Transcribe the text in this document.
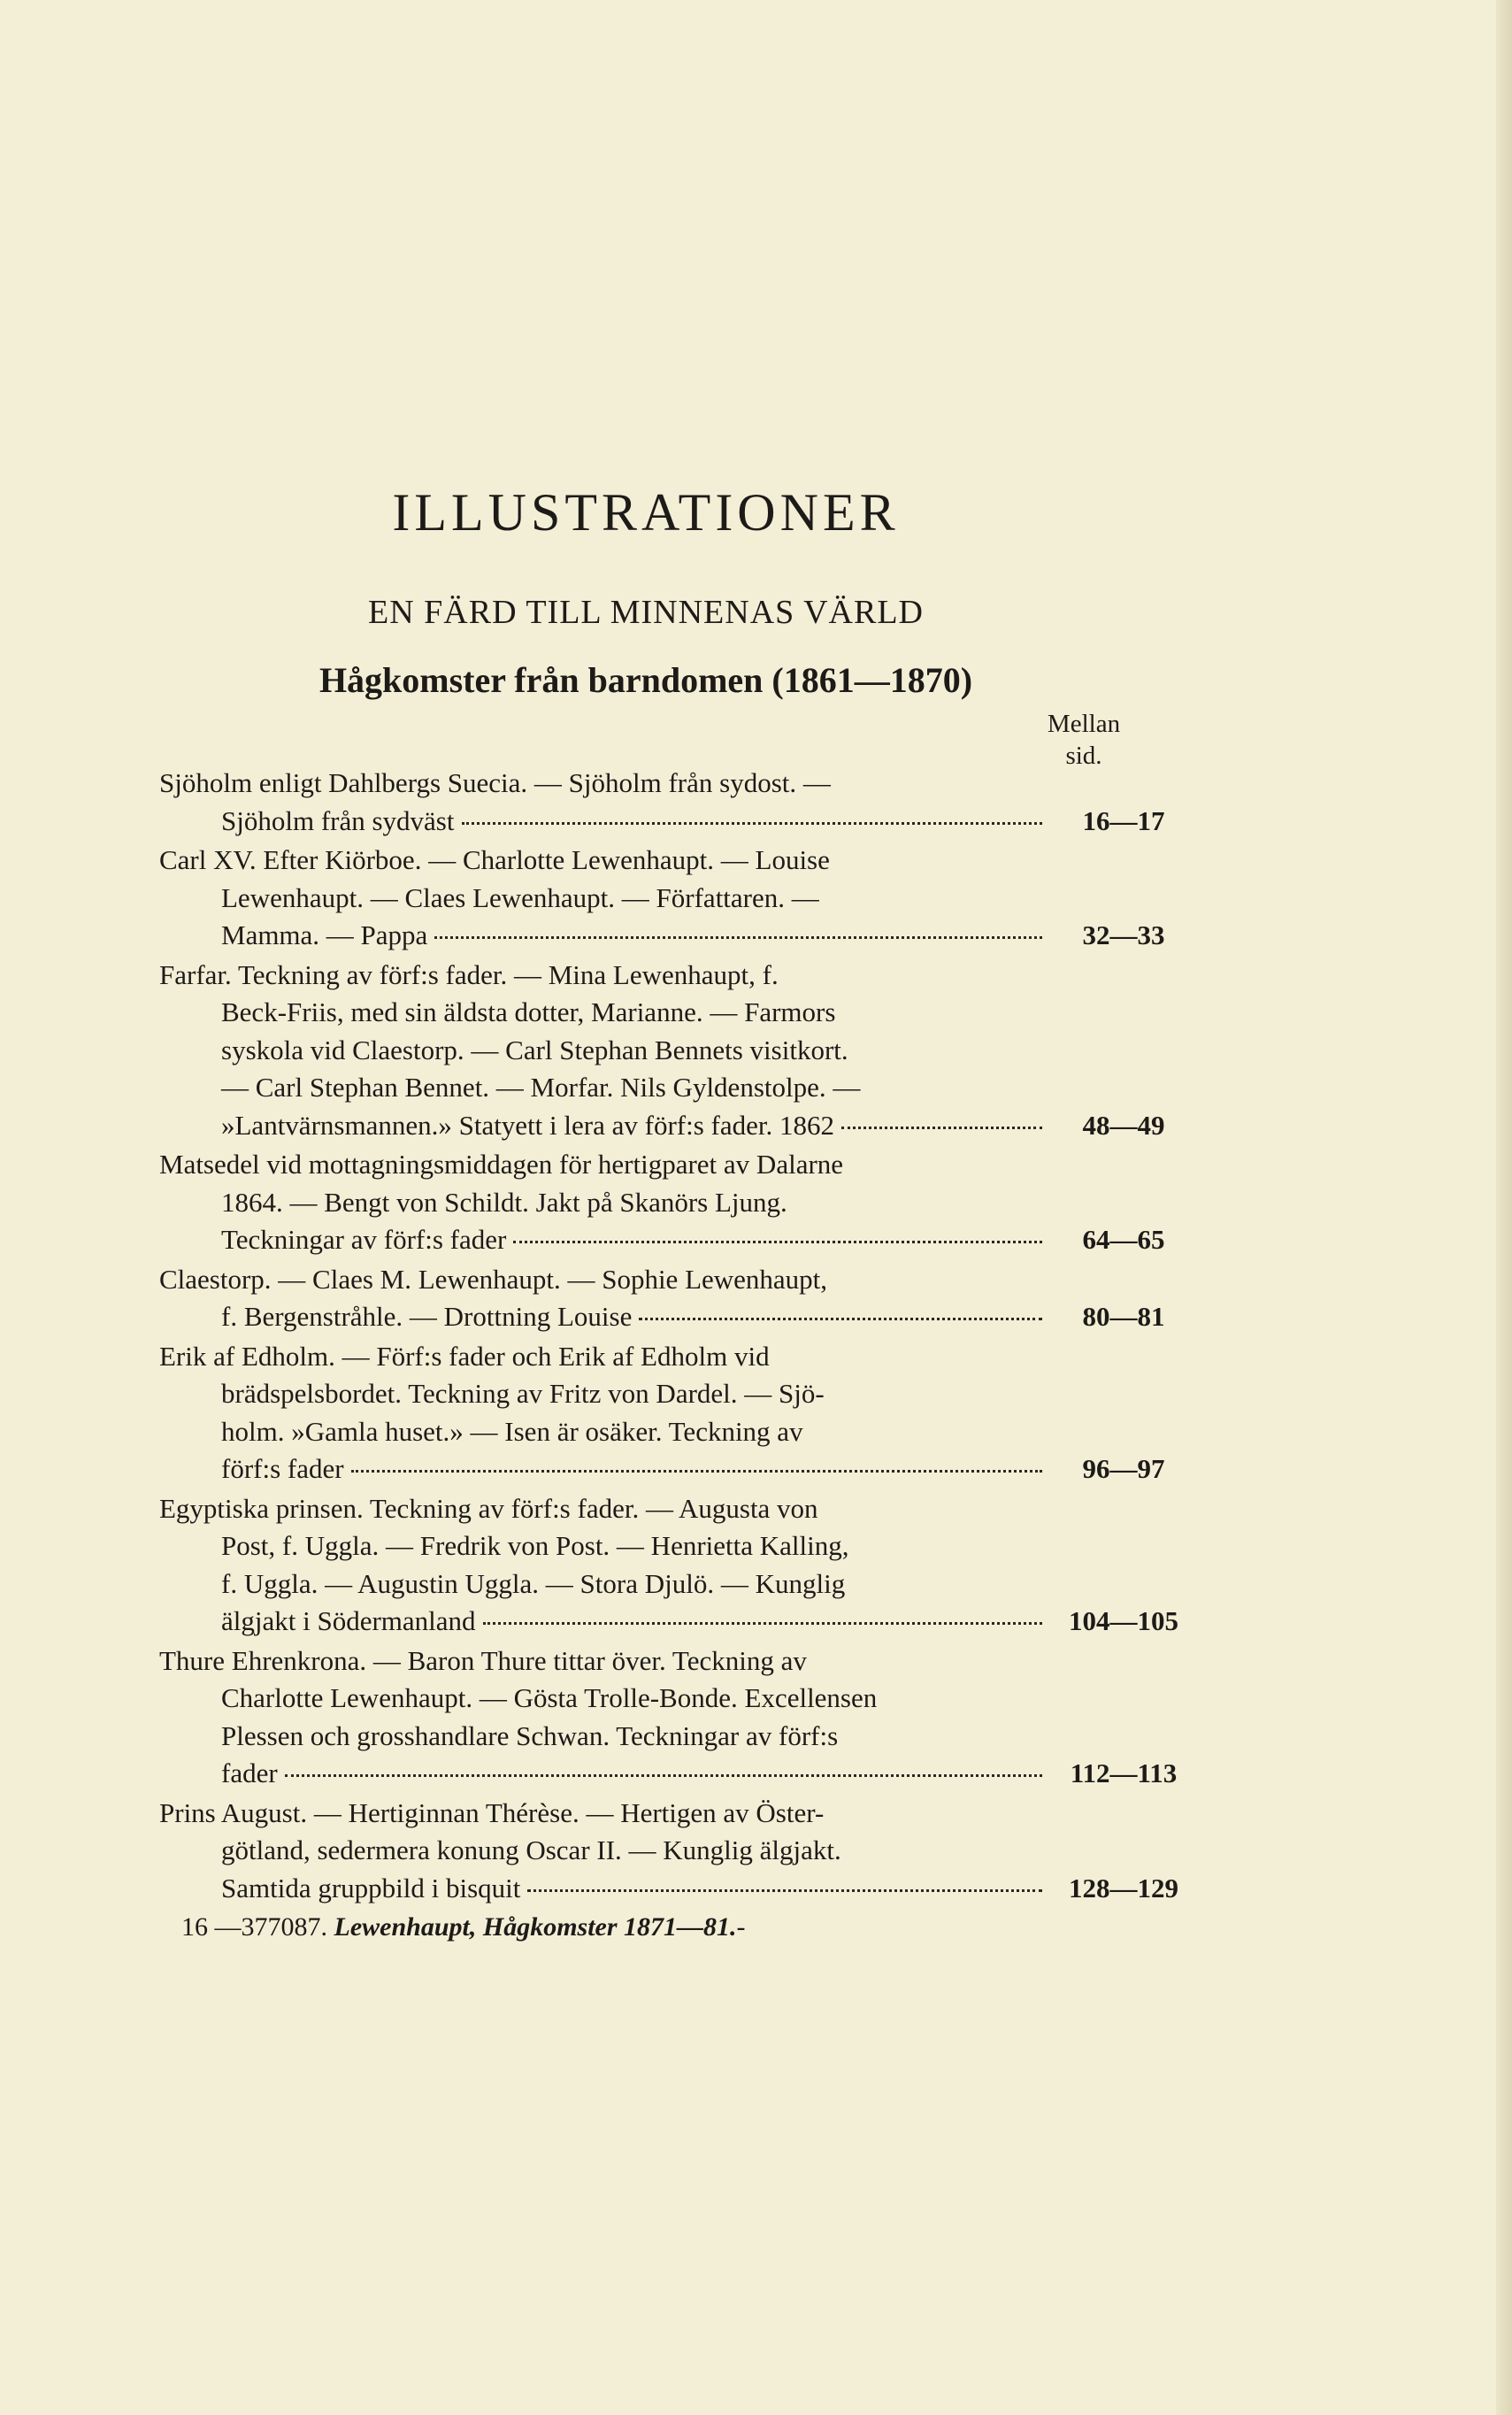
ILLUSTRATIONER
EN FÄRD TILL MINNENAS VÄRLD
Hågkomster från barndomen (1861—1870)
Mellan
sid.
Sjöholm enligt Dahlbergs Suecia. — Sjöholm från sydost. —
Sjöholm från sydväst	16—17
Carl XV. Efter Kiörboe. — Charlotte Lewenhaupt. — Louise
Lewenhaupt. — Claes Lewenhaupt. — Författaren. —
Mamma. — Pappa	32—33
Farfar. Teckning av förf:s fader. — Mina Lewenhaupt, f.
Beck-Friis, med sin äldsta dotter, Marianne. — Farmors
syskola vid Claestorp. — Carl Stephan Bennets visitkort.
— Carl Stephan Bennet. — Morfar. Nils Gyldenstolpe. —
»Lantvärnsmannen.» Statyett i lera av förf:s fader. 1862	48—49
Matsedel vid mottagningsmiddagen för hertigparet av Dalarne
1864. — Bengt von Schildt. Jakt på Skanörs Ljung.
Teckningar av förf:s fader	64—65
Claestorp. — Claes M. Lewenhaupt. — Sophie Lewenhaupt,
f. Bergenstråhle. — Drottning Louise	80—81
Erik af Edholm. — Förf:s fader och Erik af Edholm vid
brädspelsbordet. Teckning av Fritz von Dardel. — Sjö-
holm. »Gamla huset.» — Isen är osäker. Teckning av
förf:s fader	96—97
Egyptiska prinsen. Teckning av förf:s fader. — Augusta von
Post, f. Uggla. — Fredrik von Post. — Henrietta Kalling,
f. Uggla. — Augustin Uggla. — Stora Djulö. — Kunglig
älgjakt i Södermanland	104—105
Thure Ehrenkrona. — Baron Thure tittar över. Teckning av
Charlotte Lewenhaupt. — Gösta Trolle-Bonde. Excellensen
Plessen och grosshandlare Schwan. Teckningar av förf:s
fader	112—113
Prins August. — Hertiginnan Thérèse. — Hertigen av Öster-
götland, sedermera konung Oscar II. — Kunglig älgjakt.
Samtida gruppbild i bisquit	128—129
16 —377087. Lewenhaupt, Hågkomster 1871—81.-
